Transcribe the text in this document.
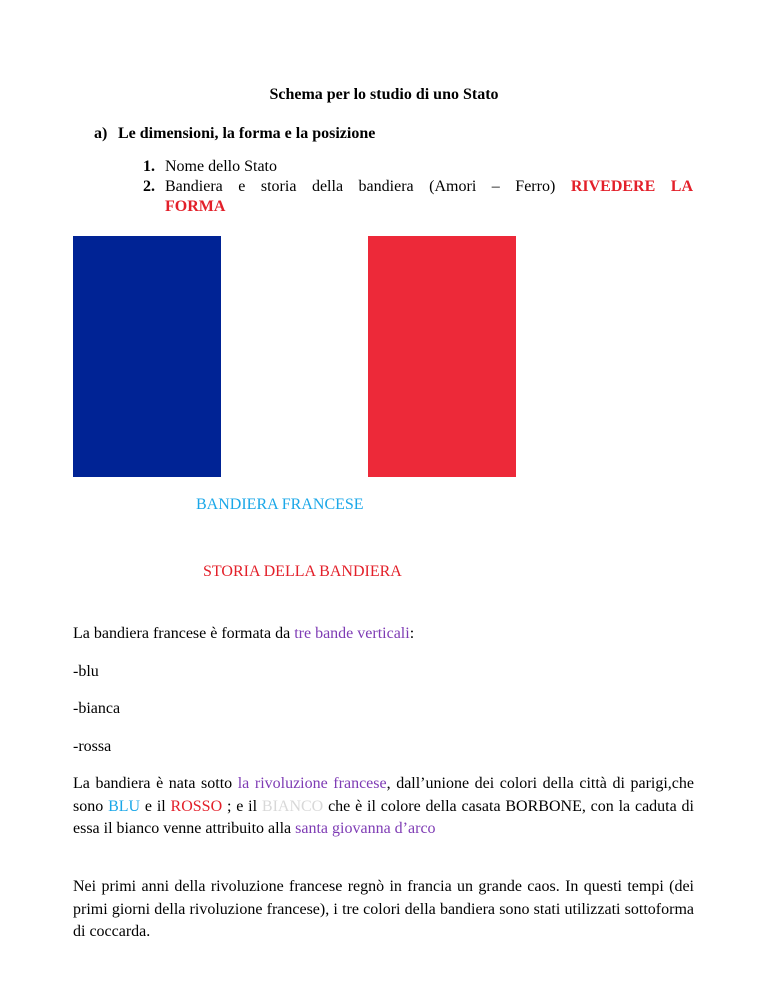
Schema per lo studio di uno Stato

a) Le dimensioni, la forma e la posizione

1. Nome dello Stato
2. Bandiera e storia della bandiera (Amori – Ferro) RIVEDERE LA
FORMA
BANDIERA FRANCESE
STORIA DELLA BANDIERA

La bandiera francese è formata da tre bande verticali:

-blu

-bianca

-rossa

La bandiera è nata sotto la rivoluzione francese, dall’unione dei colori della città di parigi,che sono BLU e il ROSSO ; e il BIANCO che è il colore della casata BORBONE, con la caduta di essa il bianco venne attribuito alla santa giovanna d’arco

Nei primi anni della rivoluzione francese regnò in francia un grande caos. In questi tempi (dei primi giorni della rivoluzione francese), i tre colori della bandiera sono stati utilizzati sottoforma di coccarda.
